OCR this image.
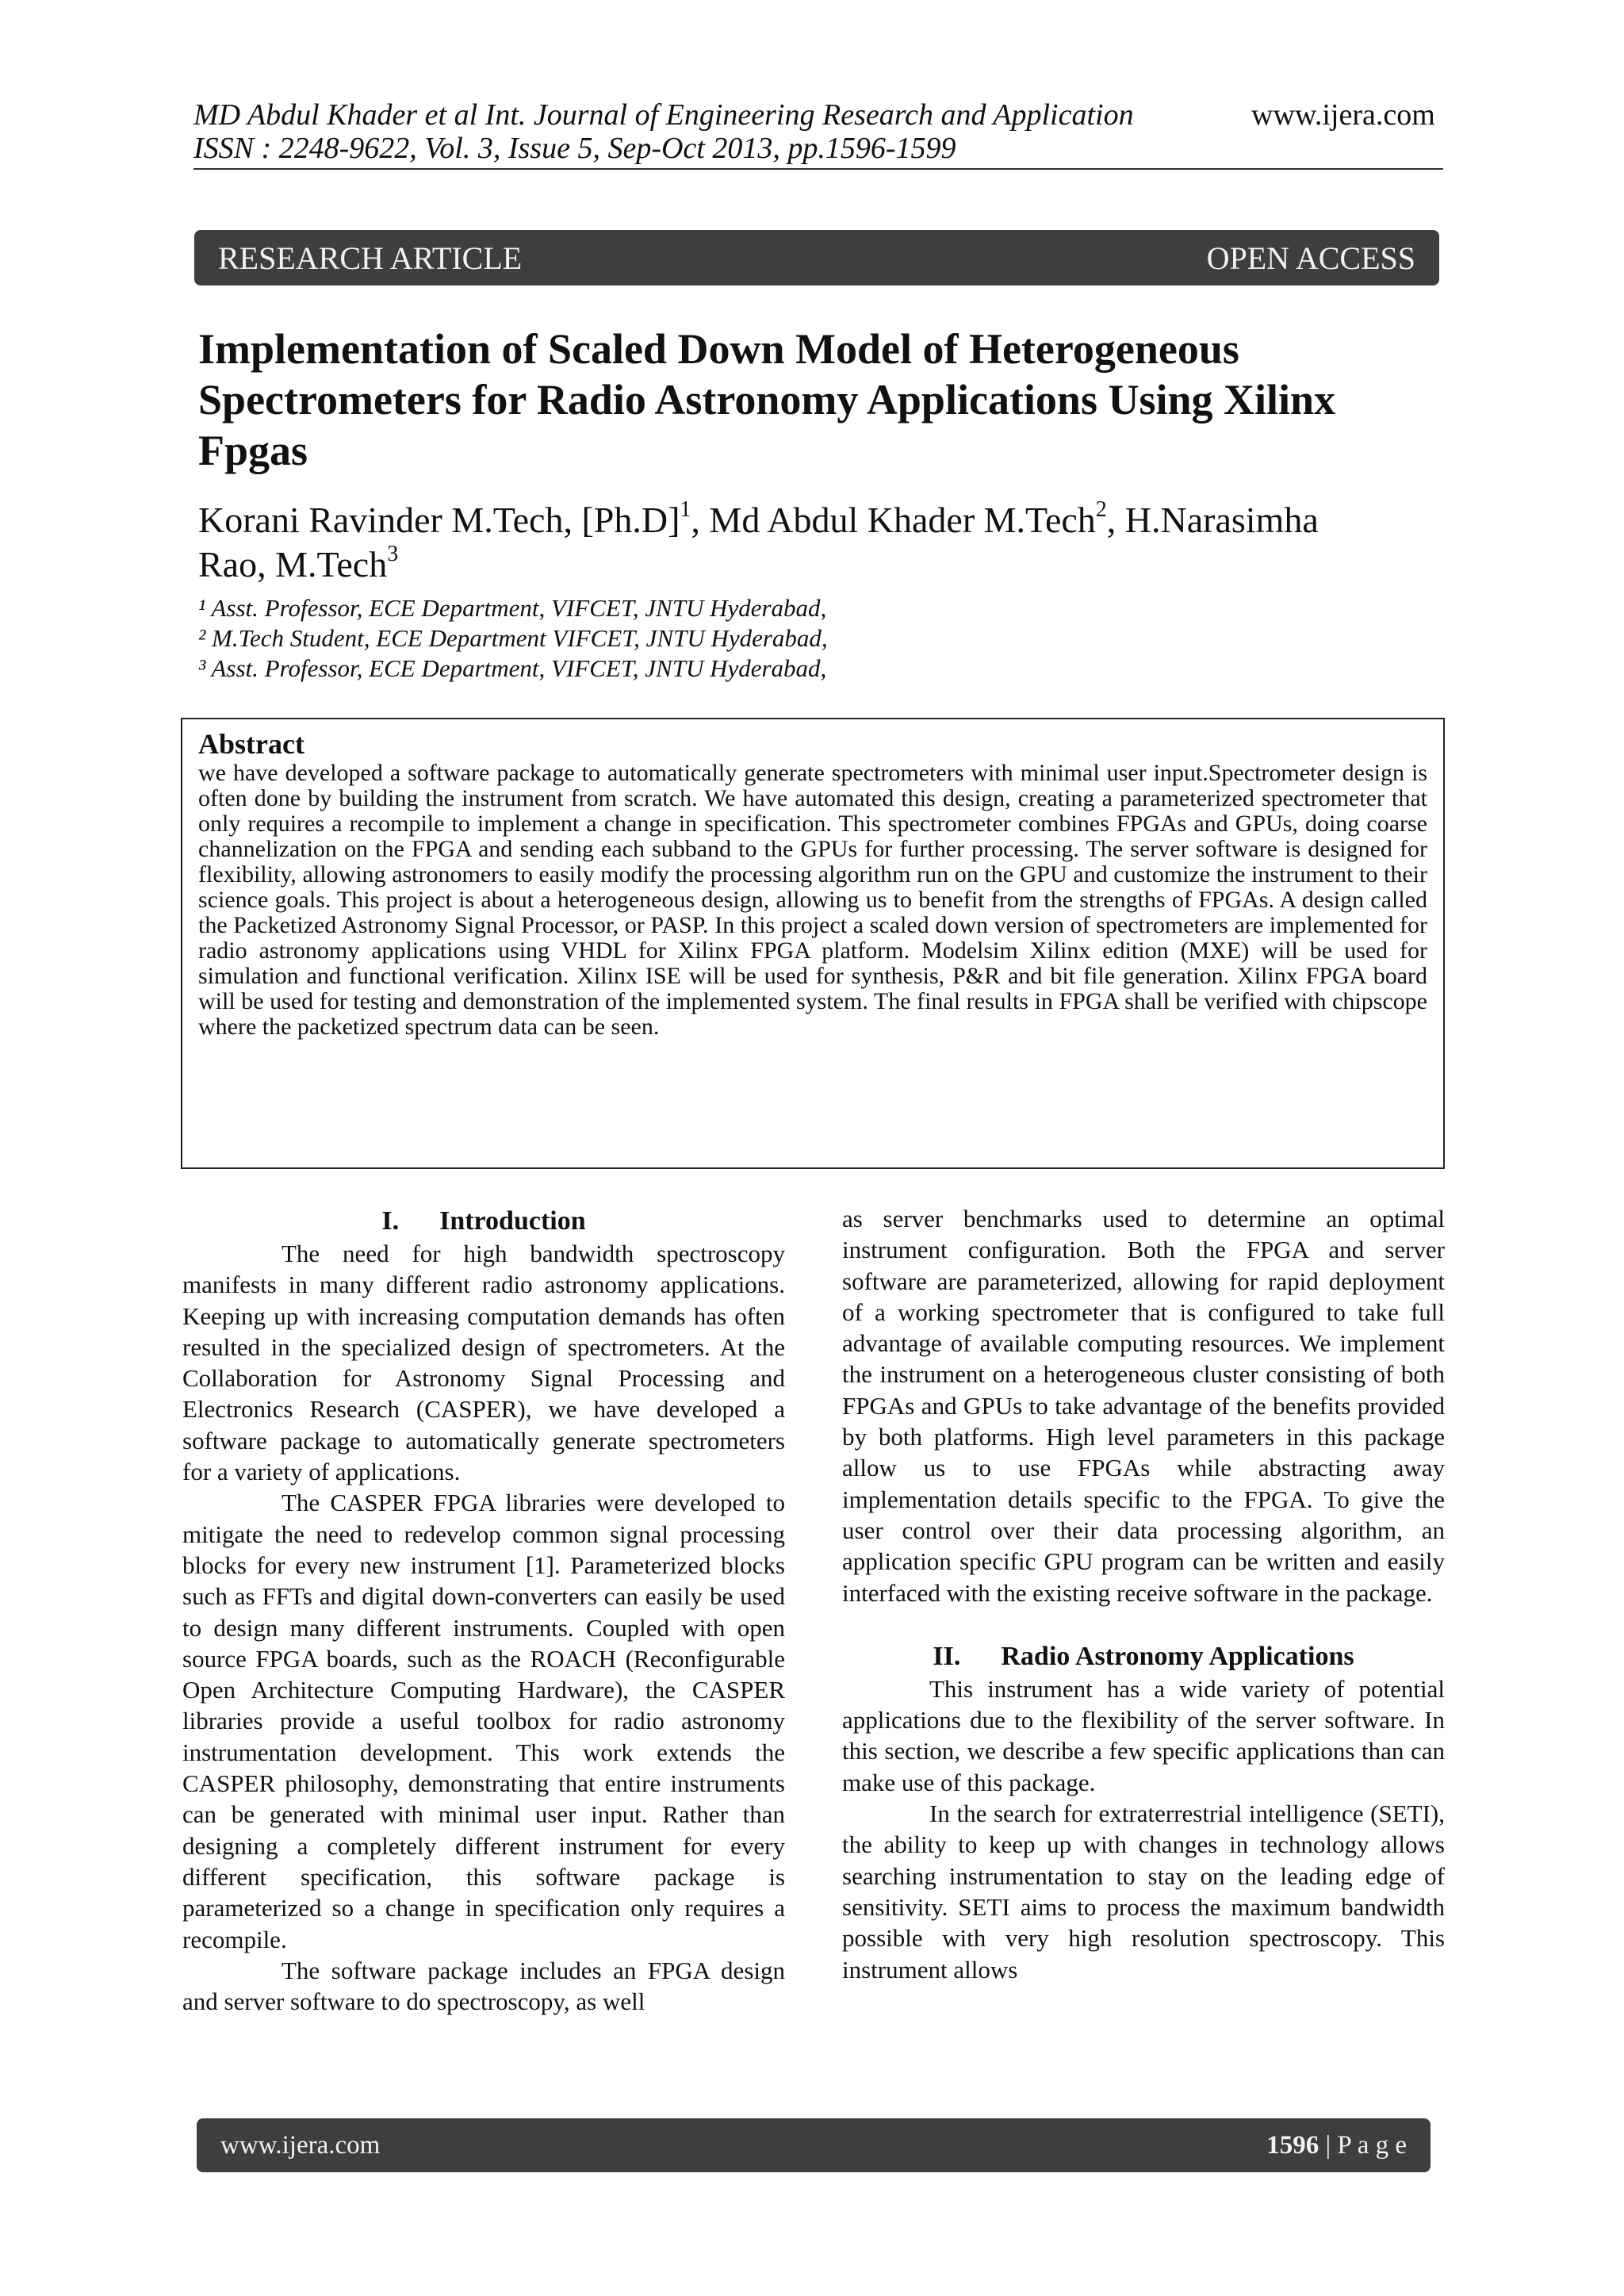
MD Abdul Khader et al Int. Journal of Engineering Research and Application
ISSN : 2248-9622, Vol. 3, Issue 5, Sep-Oct 2013, pp.1596-1599
www.ijera.com
RESEARCH ARTICLE	OPEN ACCESS
Implementation of Scaled Down Model of Heterogeneous
Spectrometers for Radio Astronomy Applications Using Xilinx
Fpgas
Korani Ravinder M.Tech, $[Ph.D]^1$, Md Abdul Khader M.Tech$^2$, H.Narasimha
Rao, M.Tech$^3$
¹ Asst. Professor, ECE Department, VIFCET, JNTU Hyderabad,
² M.Tech Student, ECE Department VIFCET, JNTU Hyderabad,
³ Asst. Professor, ECE Department, VIFCET, JNTU Hyderabad,
Abstract

we have developed a software package to automatically generate spectrometers with minimal user input.Spectrometer design is often done by building the instrument from scratch. We have automated this design, creating a parameterized spectrometer that only requires a recompile to implement a change in specification. This spectrometer combines FPGAs and GPUs, doing coarse channelization on the FPGA and sending each subband to the GPUs for further processing. The server software is designed for flexibility, allowing astronomers to easily modify the processing algorithm run on the GPU and customize the instrument to their science goals. This project is about a heterogeneous design, allowing us to benefit from the strengths of FPGAs. A design called the Packetized Astronomy Signal Processor, or PASP. In this project a scaled down version of spectrometers are implemented for radio astronomy applications using VHDL for Xilinx FPGA platform. Modelsim Xilinx edition (MXE) will be used for simulation and functional verification. Xilinx ISE will be used for synthesis, P&R and bit file generation. Xilinx FPGA board will be used for testing and demonstration of the implemented system. The final results in FPGA shall be verified with chipscope where the packetized spectrum data can be seen.

I.      Introduction

The need for high bandwidth spectroscopy manifests in many different radio astronomy applications. Keeping up with increasing computation demands has often resulted in the specialized design of spectrometers. At the Collaboration for Astronomy Signal Processing and Electronics Research (CASPER), we have developed a software package to automatically generate spectrometers for a variety of applications.

The CASPER FPGA libraries were developed to mitigate the need to redevelop common signal processing blocks for every new instrument [1]. Parameterized blocks such as FFTs and digital down-converters can easily be used to design many different instruments. Coupled with open source FPGA boards, such as the ROACH (Reconfigurable Open Architecture Computing Hardware), the CASPER libraries provide a useful toolbox for radio astronomy instrumentation development. This work extends the CASPER philosophy, demonstrating that entire instruments can be generated with minimal user input. Rather than designing a completely different instrument for every different specification, this software package is parameterized so a change in specification only requires a recompile.

The software package includes an FPGA design and server software to do spectroscopy, as well

as server benchmarks used to determine an optimal instrument configuration. Both the FPGA and server software are parameterized, allowing for rapid deployment of a working spectrometer that is configured to take full advantage of available computing resources. We implement the instrument on a heterogeneous cluster consisting of both FPGAs and GPUs to take advantage of the benefits provided by both platforms. High level parameters in this package allow us to use FPGAs while abstracting away implementation details specific to the FPGA. To give the user control over their data processing algorithm, an application specific GPU program can be written and easily interfaced with the existing receive software in the package.

II.      Radio Astronomy Applications

This instrument has a wide variety of potential applications due to the flexibility of the server software. In this section, we describe a few specific applications than can make use of this package.

In the search for extraterrestrial intelligence (SETI), the ability to keep up with changes in technology allows searching instrumentation to stay on the leading edge of sensitivity. SETI aims to process the maximum bandwidth possible with very high resolution spectroscopy. This instrument allows

www.ijera.com	1596 | P a g e
